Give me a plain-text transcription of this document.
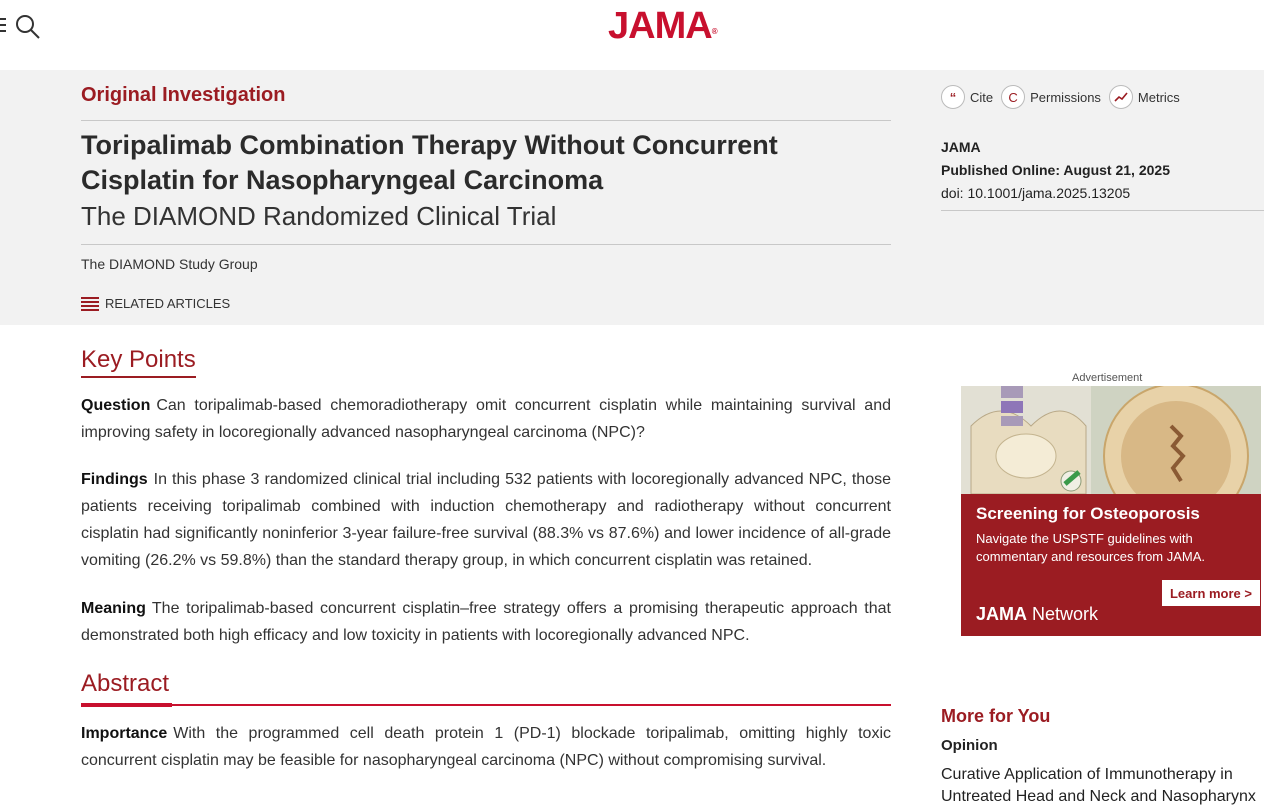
JAMA®
Original Investigation
Toripalimab Combination Therapy Without Concurrent Cisplatin for Nasopharyngeal Carcinoma
The DIAMOND Randomized Clinical Trial
The DIAMOND Study Group
RELATED ARTICLES
“	Cite	C Permissions	Metrics
JAMA
Published Online: August 21, 2025
doi: 10.1001/jama.2025.13205
Key Points
Question Can toripalimab-based chemoradiotherapy omit concurrent cisplatin while maintaining survival and improving safety in locoregionally advanced nasopharyngeal carcinoma (NPC)?
Findings In this phase 3 randomized clinical trial including 532 patients with locoregionally advanced NPC, those patients receiving toripalimab combined with induction chemotherapy and radiotherapy without concurrent cisplatin had significantly noninferior 3-year failure-free survival (88.3% vs 87.6%) and lower incidence of all-grade vomiting (26.2% vs 59.8%) than the standard therapy group, in which concurrent cisplatin was retained.
Meaning The toripalimab-based concurrent cisplatin–free strategy offers a promising therapeutic approach that demonstrated both high efficacy and low toxicity in patients with locoregionally advanced NPC.
Abstract
Importance With the programmed cell death protein 1 (PD-1) blockade toripalimab, omitting highly toxic concurrent cisplatin may be feasible for nasopharyngeal carcinoma (NPC) without compromising survival.
Advertisement
Screening for Osteoporosis
Navigate the USPSTF guidelines with commentary and resources from JAMA.
Learn more >
JAMA Network
More for You
Opinion
Curative Application of Immunotherapy in Untreated Head and Neck and Nasopharynx
